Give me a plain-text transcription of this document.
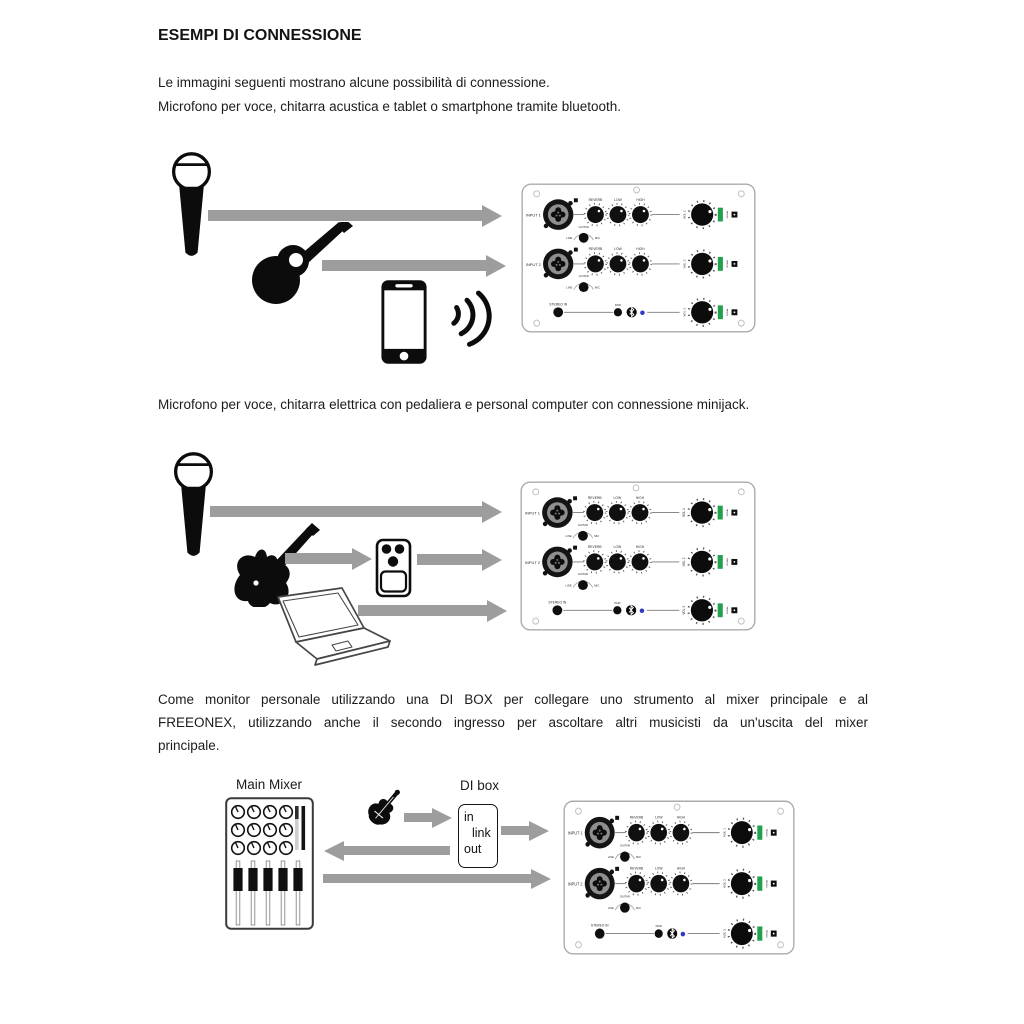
ESEMPI DI CONNESSIONE

Le immagini seguenti mostrano alcune possibilità di connessione.

Microfono per voce, chitarra acustica e tablet o smartphone tramite bluetooth.

INPUT 1
REVERB	LOW	HIGH
VOL 1	SIGNAL
GUITAR
LINE	MIC
INPUT 2
REVERB	LOW	HIGH
VOL 2	SIGNAL
GUITAR
LINE	MIC
STEREO IN	PAIR
VOL 3	SIGNAL

Microfono per voce, chitarra elettrica con pedaliera e personal computer con connessione minijack.

INPUT 1
REVERB	LOW	HIGH
VOL 1	SIGNAL
GUITAR
LINE	MIC
INPUT 2
REVERB	LOW	HIGH
VOL 2	SIGNAL
GUITAR
LINE	MIC
STEREO IN	PAIR
VOL 3	SIGNAL

Come monitor personale utilizzando una DI BOX per collegare uno strumento al mixer principale e al
FREEONEX, utilizzando anche il secondo ingresso per ascoltare altri musicisti da un'uscita del mixer
principale.

Main Mixer	DI box
in
link
out
INPUT 1
REVERB	LOW	HIGH
VOL 1	SIGNAL
GUITAR
LINE	MIC
INPUT 2
REVERB	LOW	HIGH
VOL 2	SIGNAL
GUITAR
LINE	MIC
STEREO IN	PAIR
VOL 3	SIGNAL
